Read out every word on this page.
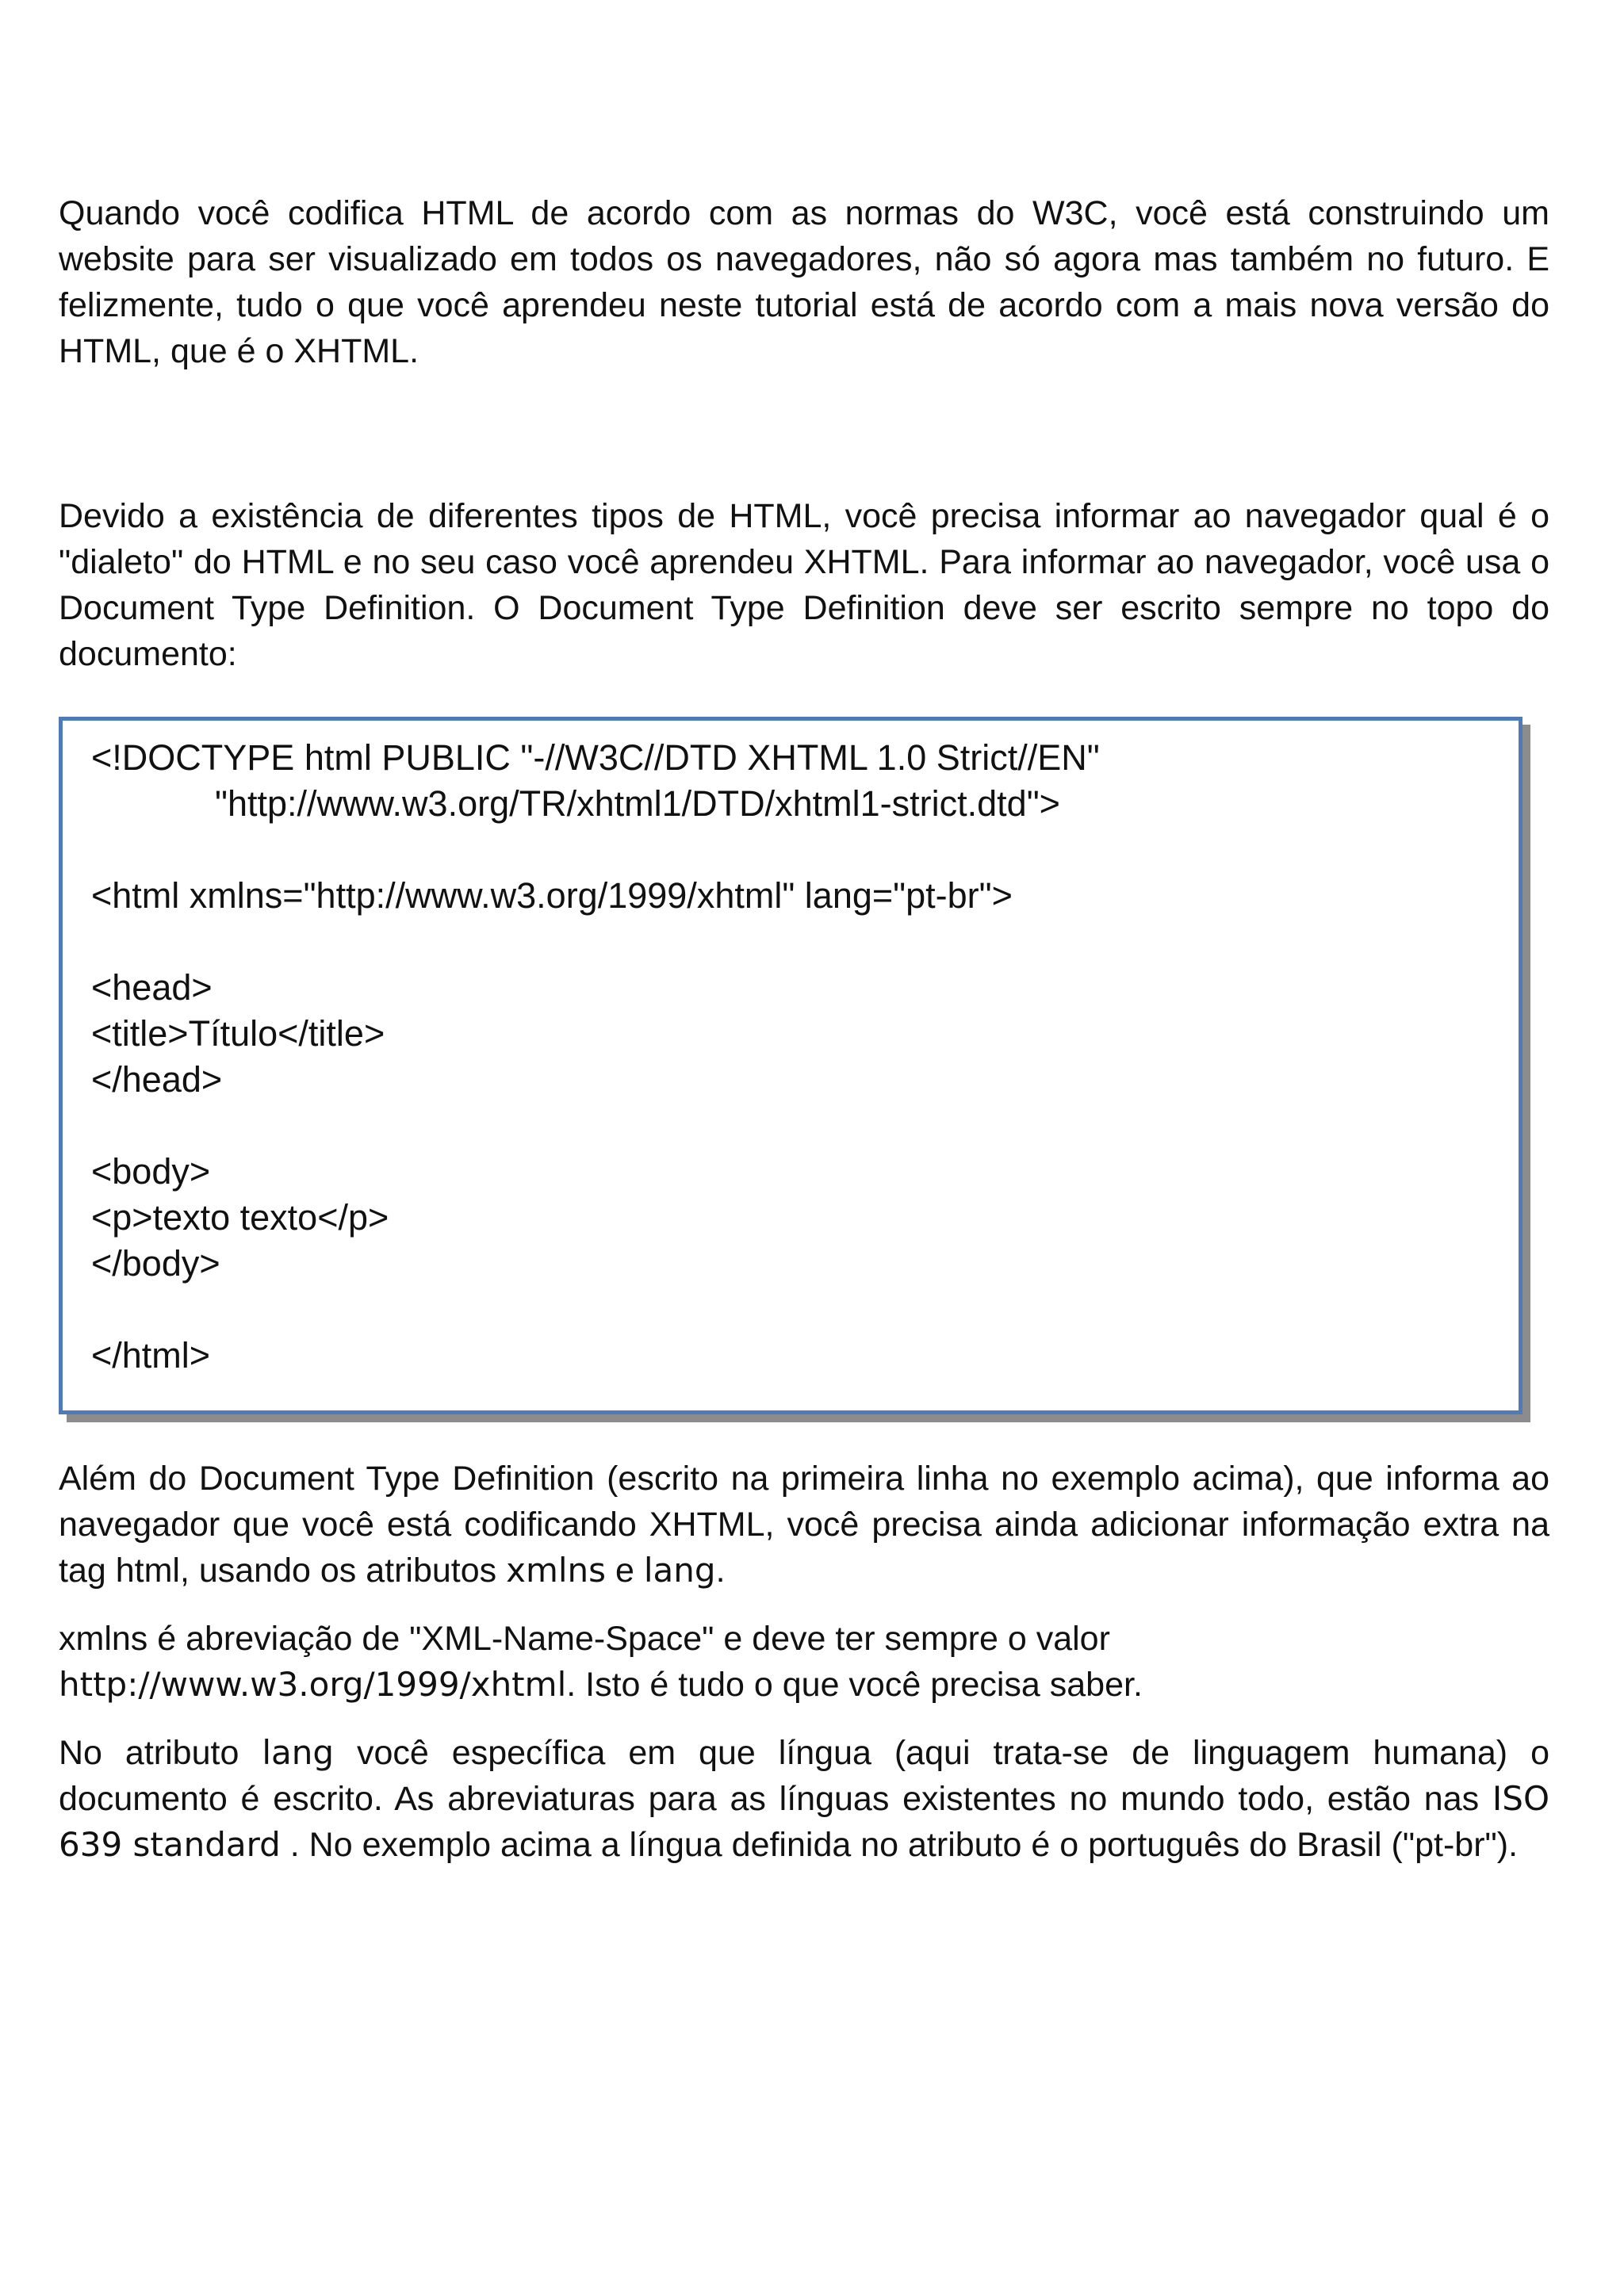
Quando você codifica HTML de acordo com as normas do W3C, você está construindo um website para ser visualizado em todos os navegadores, não só agora mas também no futuro. E felizmente, tudo o que você aprendeu neste tutorial está de acordo com a mais nova versão do HTML, que é o XHTML.

Devido a existência de diferentes tipos de HTML, você precisa informar ao navegador qual é o "dialeto" do HTML e no seu caso você aprendeu XHTML. Para informar ao navegador, você usa o Document Type Definition. O Document Type Definition deve ser escrito sempre no topo do documento:

<!DOCTYPE html PUBLIC "-//W3C//DTD XHTML 1.0 Strict//EN"
"http://www.w3.org/TR/xhtml1/DTD/xhtml1-strict.dtd">
<html xmlns="http://www.w3.org/1999/xhtml" lang="pt-br">
<head>
<title>Título</title>
</head>
<body>
<p>texto texto</p>
</body>
</html>

Além do Document Type Definition (escrito na primeira linha no exemplo acima), que informa ao navegador que você está codificando XHTML, você precisa ainda adicionar informação extra na tag html, usando os atributos xmlns e lang.

xmlns é abreviação de "XML-Name-Space" e deve ter sempre o valor http://www.w3.org/1999/xhtml. Isto é tudo o que você precisa saber.

No atributo lang você específica em que língua (aqui trata-se de linguagem humana) o documento é escrito. As abreviaturas para as línguas existentes no mundo todo, estão nas ISO 639 standard . No exemplo acima a língua definida no atributo é o português do Brasil ("pt-br").
